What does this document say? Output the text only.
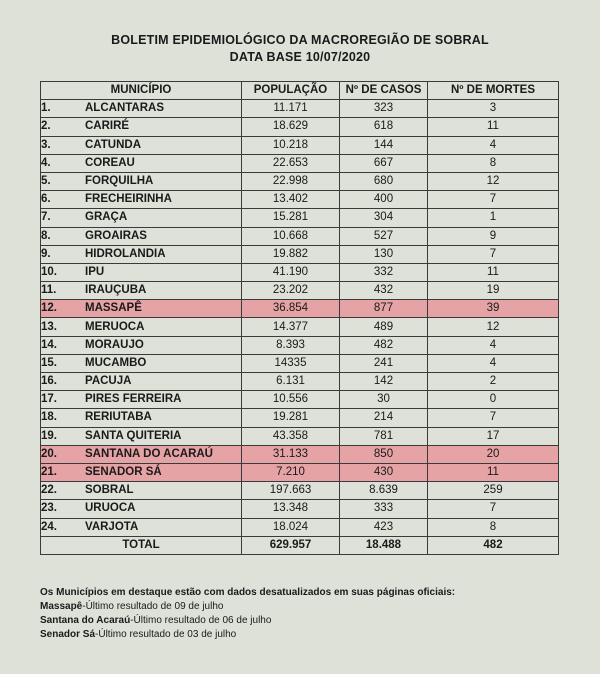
BOLETIM EPIDEMIOLÓGICO DA MACROREGIÃO DE SOBRAL
DATA BASE 10/07/2020
MUNICÍPIO	POPULAÇÃO	Nº DE CASOS	Nº DE MORTES
1. ALCANTARAS	11.171	323	3
2. CARIRÉ	18.629	618	11
3. CATUNDA	10.218	144	4
4. COREAU	22.653	667	8
5. FORQUILHA	22.998	680	12
6. FRECHEIRINHA	13.402	400	7
7. GRAÇA	15.281	304	1
8. GROAIRAS	10.668	527	9
9. HIDROLANDIA	19.882	130	7
10. IPU	41.190	332	11
11. IRAUÇUBA	23.202	432	19
12. MASSAPÊ	36.854	877	39
13. MERUOCA	14.377	489	12
14. MORAUJO	8.393	482	4
15. MUCAMBO	14335	241	4
16. PACUJA	6.131	142	2
17. PIRES FERREIRA	10.556	30	0
18. RERIUTABA	19.281	214	7
19. SANTA QUITERIA	43.358	781	17
20. SANTANA DO ACARAÚ	31.133	850	20
21. SENADOR SÁ	7.210	430	11
22. SOBRAL	197.663	8.639	259
23. URUOCA	13.348	333	7
24. VARJOTA	18.024	423	8
TOTAL	629.957	18.488	482
Os Municípios em destaque estão com dados desatualizados em suas páginas oficiais:
Massapê-Último resultado de 09 de julho
Santana do Acaraú-Último resultado de 06 de julho
Senador Sá-Último resultado de 03 de julho
